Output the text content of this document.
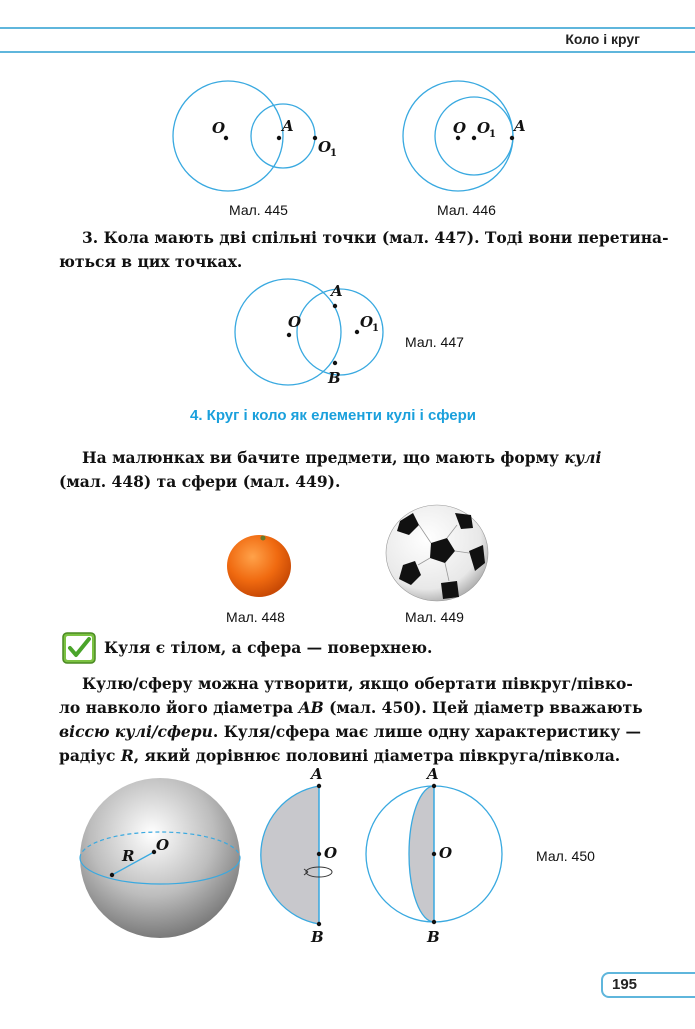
Коло і круг
O	A
O
1
Мал. 445
O O
1 A
Мал. 446
3. Кола мають дві спільні точки (мал. 447). Тоді вони перетина-
ються в цих точках.
A
B
O	O
1
Мал. 447
4. Круг і коло як елементи кулі і сфери
На малюнках ви бачите предмети, що мають форму кулі
(мал. 448) та сфери (мал. 449).
Мал. 448	Мал. 449
Куля є тілом, а сфера — поверхнею.
Кулю/сферу можна утворити, якщо обертати півкруг/півко-
ло навколо його діаметра AB (мал. 450). Цей діаметр вважають
віссю кулі/сфери. Куля/сфера має лише одну характеристику —
радіус R, який дорівнює половині діаметра півкруга/півкола.
R
O
A
O
B
A
O
B
Мал. 450
195
